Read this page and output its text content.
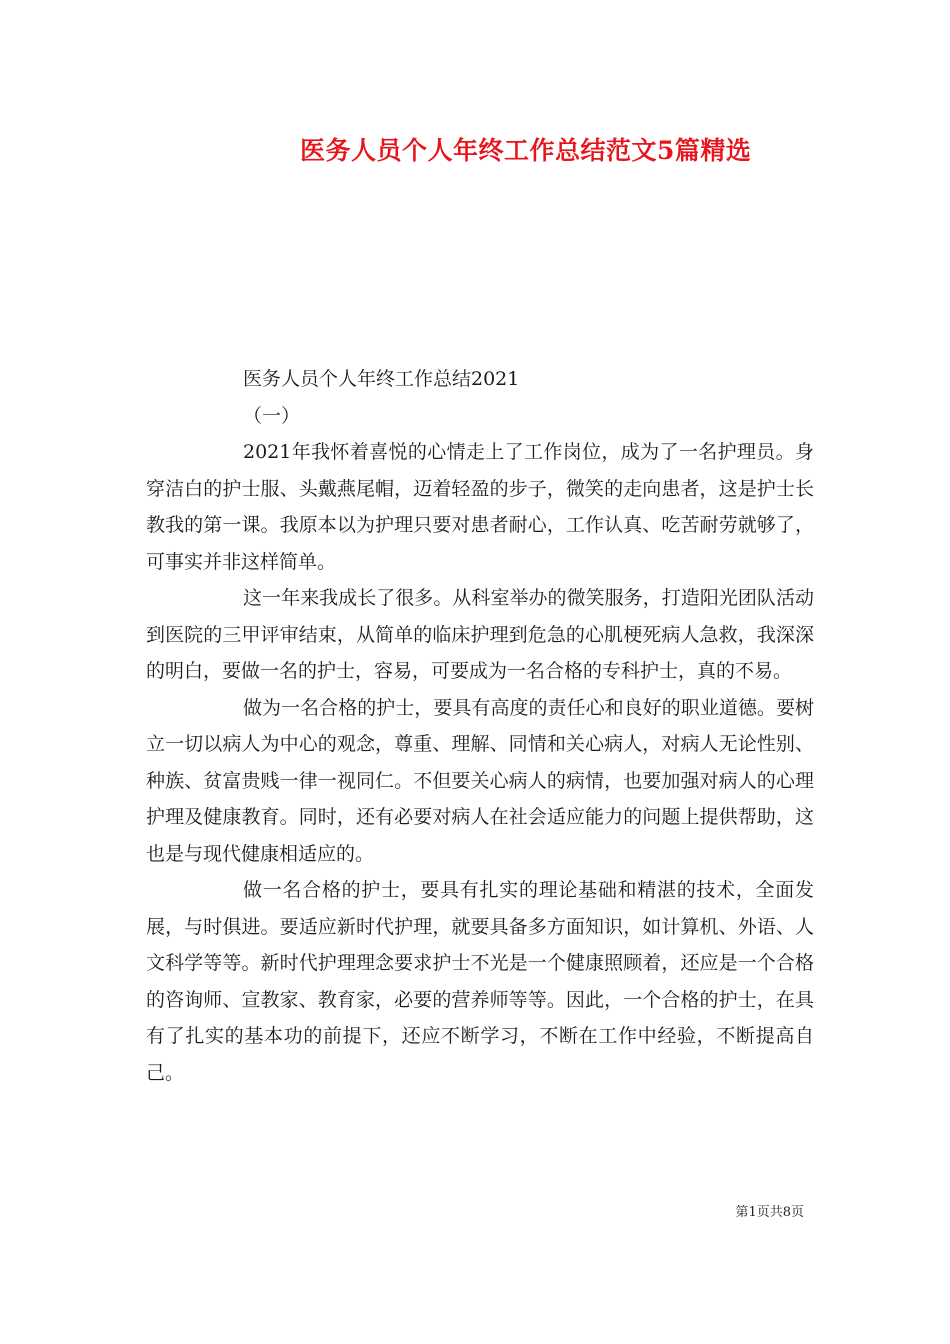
医务人员个人年终工作总结范文5篇精选

医务人员个人年终工作总结2021

（一）

2021年我怀着喜悦的心情走上了工作岗位，成为了一名护理员。身穿洁白的护士服、头戴燕尾帽，迈着轻盈的步子，微笑的走向患者，这是护士长教我的第一课。我原本以为护理只要对患者耐心，工作认真、吃苦耐劳就够了，可事实并非这样简单。

这一年来我成长了很多。从科室举办的微笑服务，打造阳光团队活动到医院的三甲评审结束，从简单的临床护理到危急的心肌梗死病人急救，我深深的明白，要做一名的护士，容易，可要成为一名合格的专科护士，真的不易。

做为一名合格的护士，要具有高度的责任心和良好的职业道德。要树立一切以病人为中心的观念，尊重、理解、同情和关心病人，对病人无论性别、种族、贫富贵贱一律一视同仁。不但要关心病人的病情，也要加强对病人的心理护理及健康教育。同时，还有必要对病人在社会适应能力的问题上提供帮助，这也是与现代健康相适应的。

做一名合格的护士，要具有扎实的理论基础和精湛的技术，全面发展，与时俱进。要适应新时代护理，就要具备多方面知识，如计算机、外语、人文科学等等。新时代护理理念要求护士不光是一个健康照顾着，还应是一个合格的咨询师、宣教家、教育家，必要的营养师等等。因此，一个合格的护士，在具有了扎实的基本功的前提下，还应不断学习，不断在工作中经验，不断提高自己。

第1页共8页
